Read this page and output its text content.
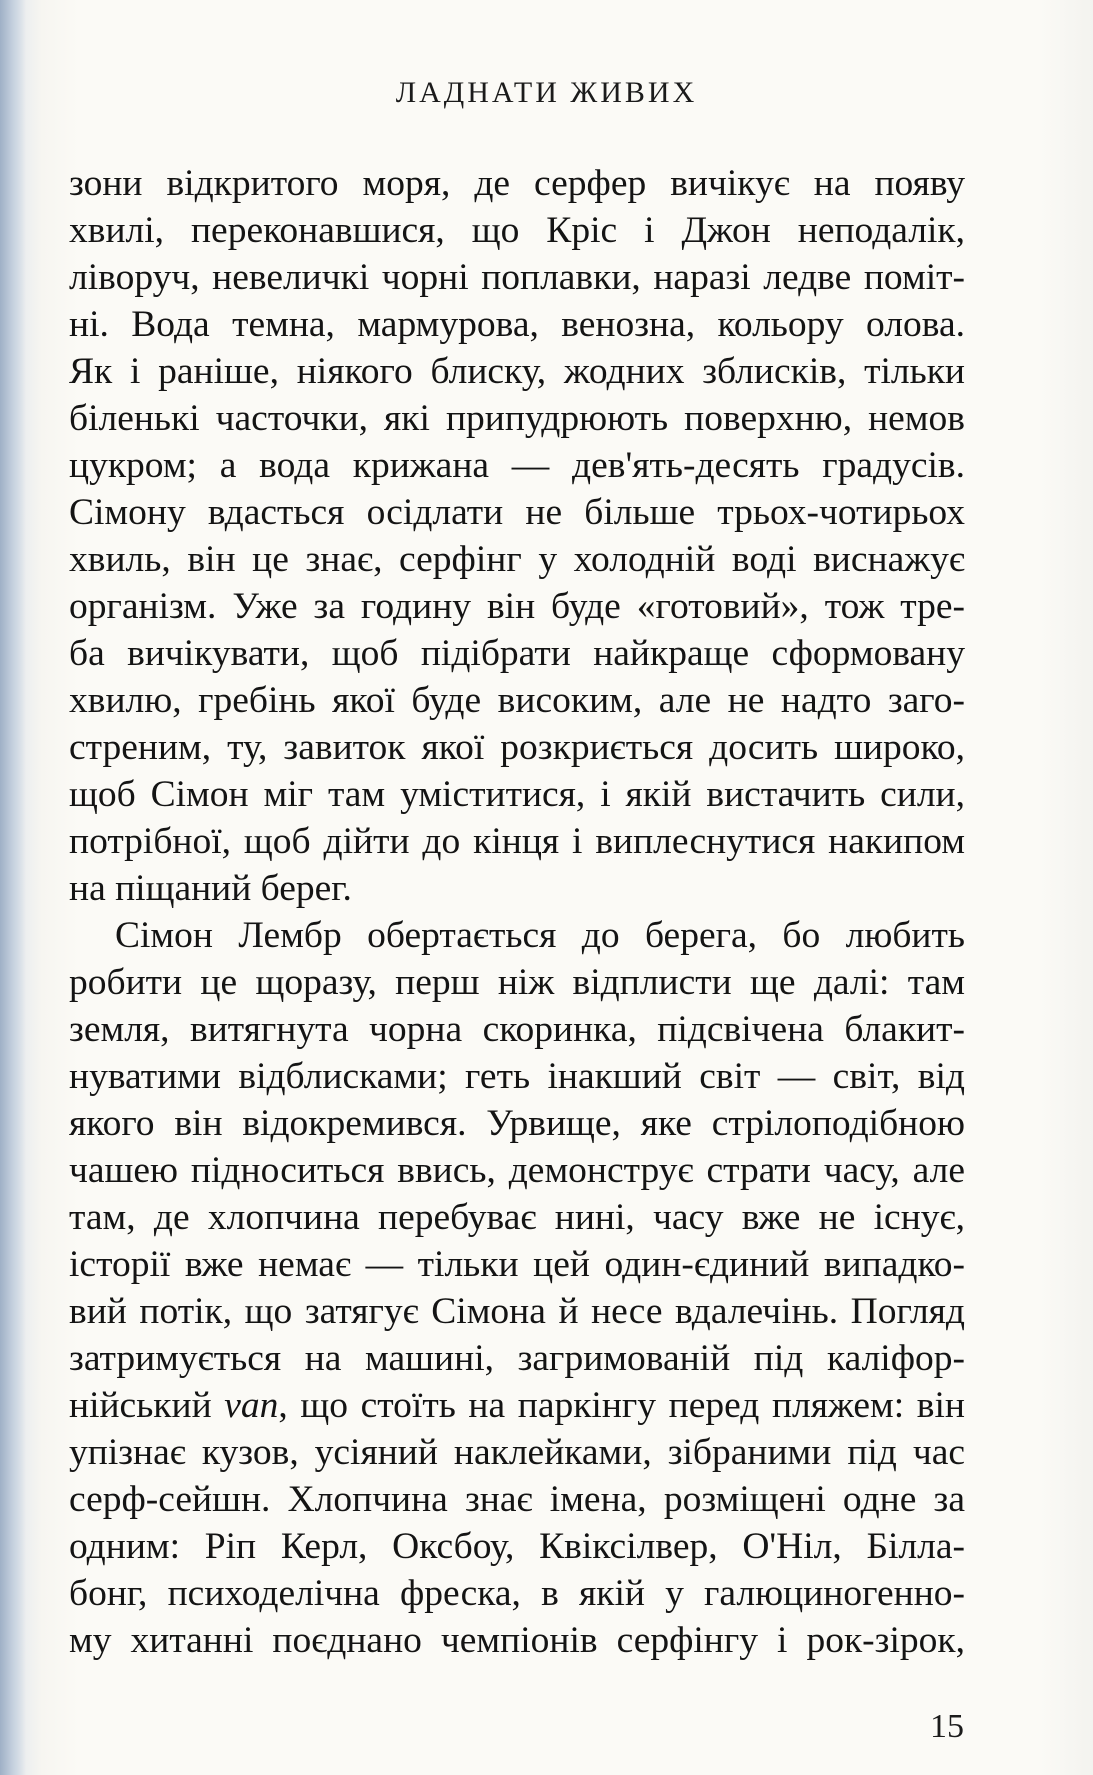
ЛАДНАТИ ЖИВИХ
зони відкритого моря, де серфер вичікує на появу
хвилі, переконавшися, що Кріс і Джон неподалік,
ліворуч, невеличкі чорні поплавки, наразі ледве поміт-
ні. Вода темна, мармурова, венозна, кольору олова.
Як і раніше, ніякого блиску, жодних зблисків, тільки
біленькі часточки, які припудрюють поверхню, немов
цукром; а вода крижана — дев'ять-десять градусів.
Сімону вдасться осідлати не більше трьох-чотирьох
хвиль, він це знає, серфінг у холодній воді виснажує
організм. Уже за годину він буде «готовий», тож тре-
ба вичікувати, щоб підібрати найкраще сформовану
хвилю, гребінь якої буде високим, але не надто заго-
стреним, ту, завиток якої розкриється досить широко,
щоб Сімон міг там уміститися, і якій вистачить сили,
потрібної, щоб дійти до кінця і виплеснутися накипом
на піщаний берег.
Сімон Лембр обертається до берега, бо любить
робити це щоразу, перш ніж відплисти ще далі: там
земля, витягнута чорна скоринка, підсвічена блакит-
нуватими відблисками; геть інакший світ — світ, від
якого він відокремився. Урвище, яке стрілоподібною
чашею підноситься ввись, демонструє страти часу, але
там, де хлопчина перебуває нині, часу вже не існує,
історії вже немає — тільки цей один-єдиний випадко-
вий потік, що затягує Сімона й несе вдалечінь. Погляд
затримується на машині, загримованій під каліфор-
нійський van, що стоїть на паркінгу перед пляжем: він
упізнає кузов, усіяний наклейками, зібраними під час
серф-сейшн. Хлопчина знає імена, розміщені одне за
одним: Ріп Керл, Оксбоу, Квіксілвер, О'Ніл, Білла-
бонг, психоделічна фреска, в якій у галюциногенно-
му хитанні поєднано чемпіонів серфінгу і рок-зірок,
15
